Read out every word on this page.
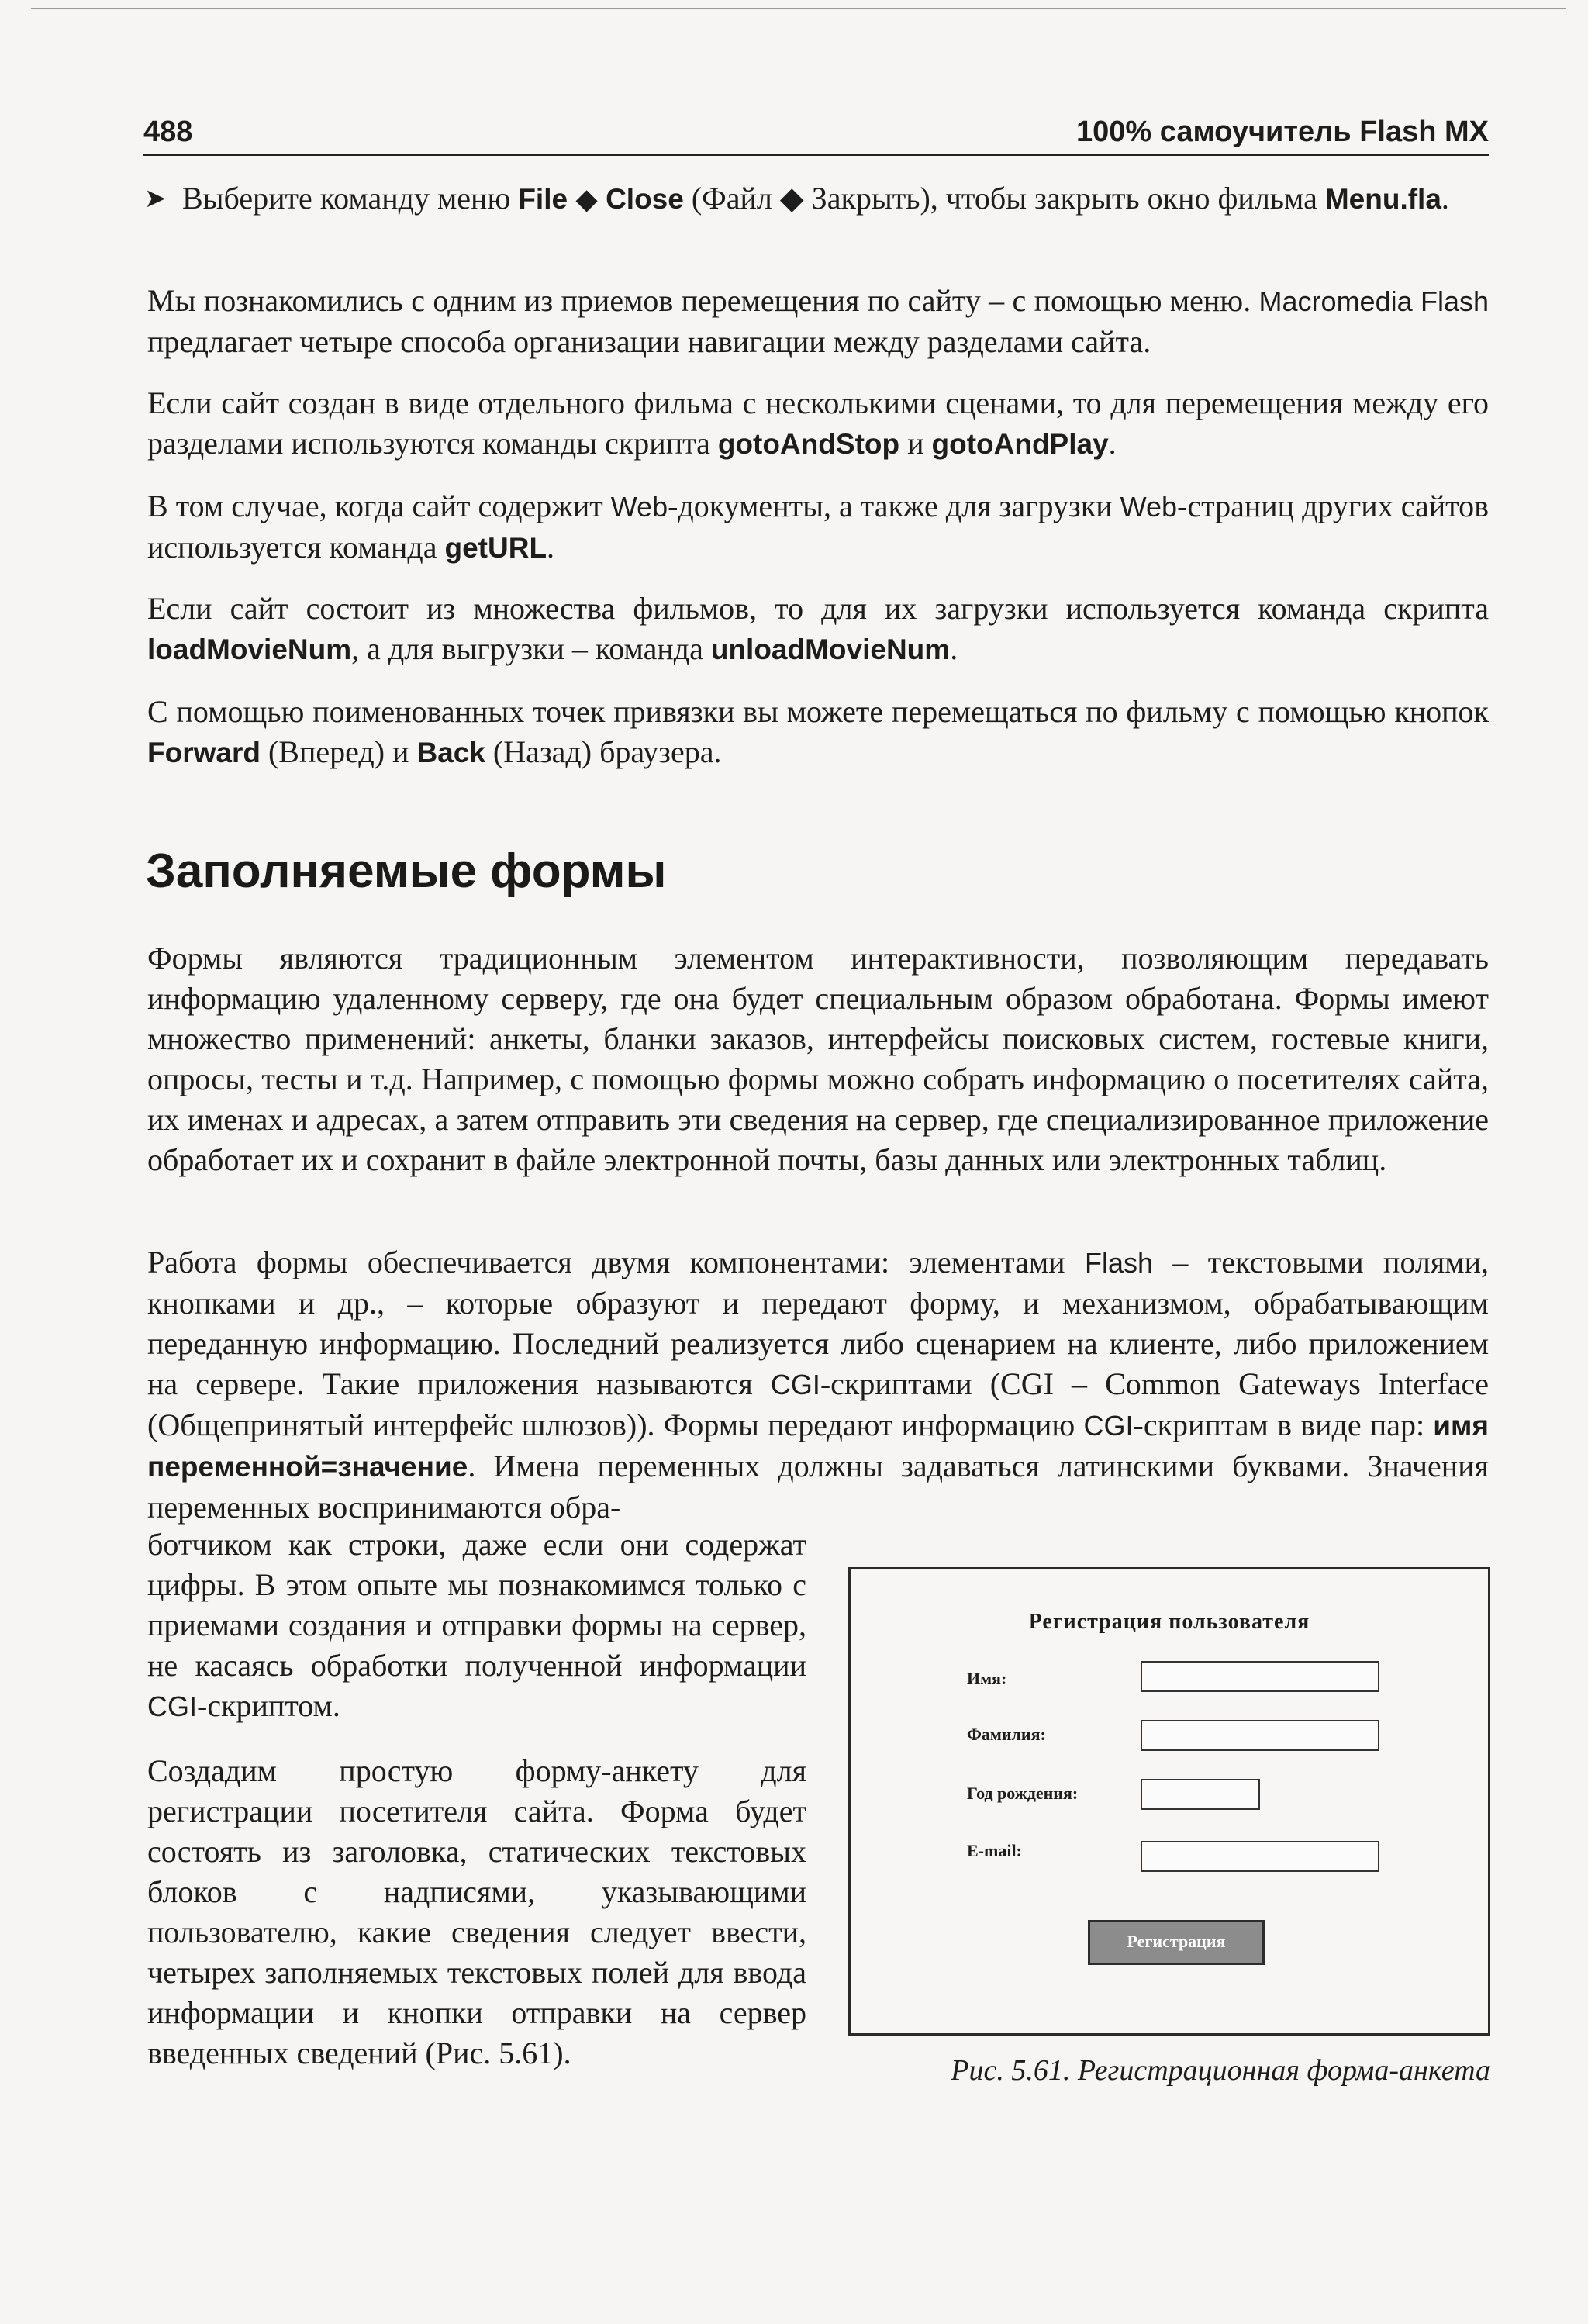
488	100% самоучитель Flash MX

➤ Выберите команду меню File ◆ Close (Файл ◆ Закрыть), чтобы закрыть окно фильма Menu.fla.

Мы познакомились с одним из приемов перемещения по сайту – с помощью меню. Macromedia Flash предлагает четыре способа организации навигации между разделами сайта.

Если сайт создан в виде отдельного фильма с несколькими сценами, то для перемещения между его разделами используются команды скрипта gotoAndStop и gotoAndPlay.

В том случае, когда сайт содержит Web-документы, а также для загрузки Web-страниц других сайтов используется команда getURL.

Если сайт состоит из множества фильмов, то для их загрузки используется команда скрипта loadMovieNum, а для выгрузки – команда unloadMovieNum.

С помощью поименованных точек привязки вы можете перемещаться по фильму с помощью кнопок Forward (Вперед) и Back (Назад) браузера.

Заполняемые формы

Формы являются традиционным элементом интерактивности, позволяющим передавать информацию удаленному серверу, где она будет специальным образом обработана. Формы имеют множество применений: анкеты, бланки заказов, интерфейсы поисковых систем, гостевые книги, опросы, тесты и т.д. Например, с помощью формы можно собрать информацию о посетителях сайта, их именах и адресах, а затем отправить эти сведения на сервер, где специализированное приложение обработает их и сохранит в файле электронной почты, базы данных или электронных таблиц.

Работа формы обеспечивается двумя компонентами: элементами Flash – текстовыми полями, кнопками и др., – которые образуют и передают форму, и механизмом, обрабатывающим переданную информацию. Последний реализуется либо сценарием на клиенте, либо приложением на сервере. Такие приложения называются CGI-скриптами (CGI – Common Gateways Interface (Общепринятый интерфейс шлюзов)). Формы передают информацию CGI-скриптам в виде пар: имя переменной=значение. Имена переменных должны задаваться латинскими буквами. Значения переменных воспринимаются обра-

ботчиком как строки, даже если они содержат цифры. В этом опыте мы познакомимся только с приемами создания и отправки формы на сервер, не касаясь обработки полученной информации CGI-скриптом.

Создадим простую форму-анкету для регистрации посетителя сайта. Форма будет состоять из заголовка, статических текстовых блоков с надписями, указывающими пользователю, какие сведения следует ввести, четырех заполняемых текстовых полей для ввода информации и кнопки отправки на сервер введенных сведений (Рис. 5.61).

Регистрация пользователя
Имя:
Фамилия:
Год рождения:
E-mail:
Регистрация
Рис. 5.61. Регистрационная форма-анкета
